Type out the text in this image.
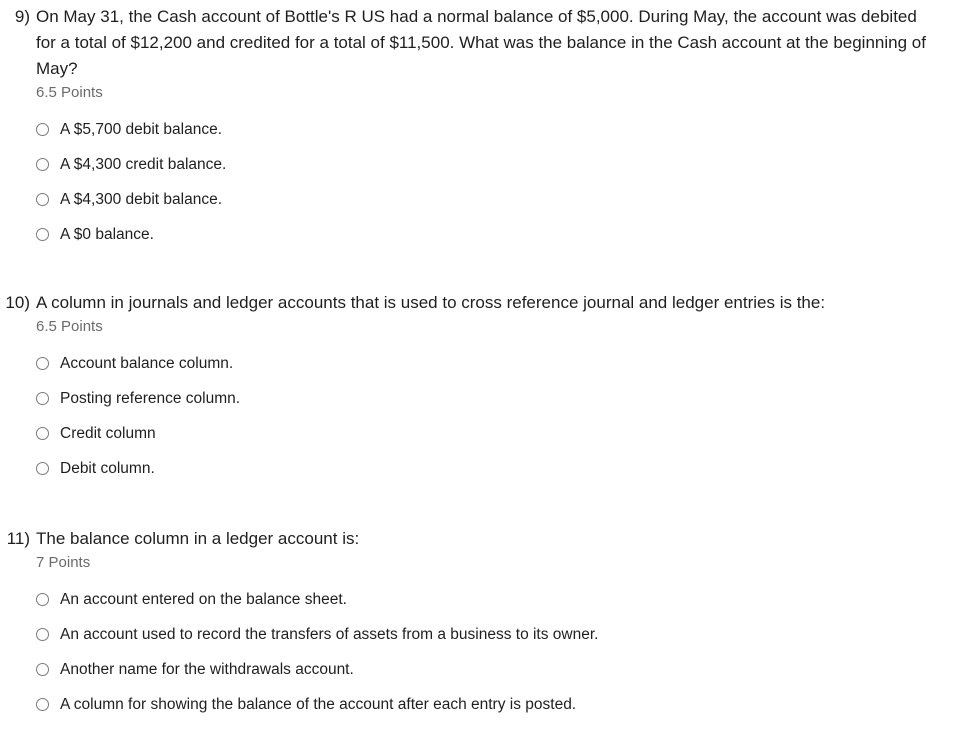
9) On May 31, the Cash account of Bottle's R US had a normal balance of $5,000. During May, the account was debited for a total of $12,200 and credited for a total of $11,500. What was the balance in the Cash account at the beginning of May?
6.5 Points
A $5,700 debit balance.
A $4,300 credit balance.
A $4,300 debit balance.
A $0 balance.
10) A column in journals and ledger accounts that is used to cross reference journal and ledger entries is the:
6.5 Points
Account balance column.
Posting reference column.
Credit column
Debit column.
11) The balance column in a ledger account is:
7 Points
An account entered on the balance sheet.
An account used to record the transfers of assets from a business to its owner.
Another name for the withdrawals account.
A column for showing the balance of the account after each entry is posted.
